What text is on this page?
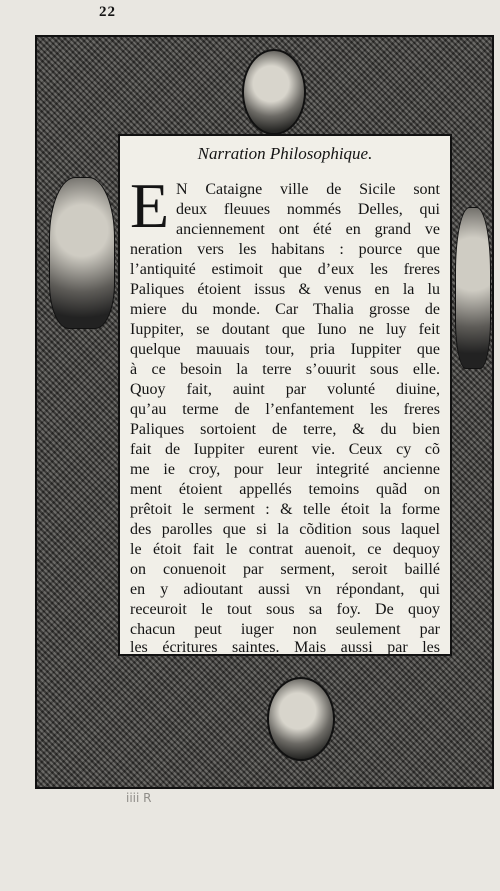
22
Narration Philosophique.
E N Cataigne ville de Sicile sont
deux fleuues nommés Delles, qui
anciennement ont été en grand ve
neration vers les habitans : pource que
l’antiquité estimoit que d’eux les freres
Paliques étoient issus & venus en la lu
miere du monde. Car Thalia grosse de
Iuppiter, se doutant que Iuno ne luy feit
quelque mauuais tour, pria Iuppiter que
à ce besoin la terre s’ouurit sous elle.
Quoy fait, auint par volunté diuine,
qu’au terme de l’enfantement les freres
Paliques sortoient de terre, & du bien
fait de Iuppiter eurent vie. Ceux cy cõ
me ie croy, pour leur integrité ancienne
ment étoient appellés temoins quãd on
prêtoit le serment : & telle étoit la forme
des parolles que si la cõdition sous laquel
le étoit fait le contrat auenoit, ce dequoy
on conuenoit par serment, seroit baillé
en y adioutant aussi vn répondant, qui
receuroit le tout sous sa foy. De quoy
chacun peut iuger non seulement par
les écritures saintes. Mais aussi par les
iiii R
